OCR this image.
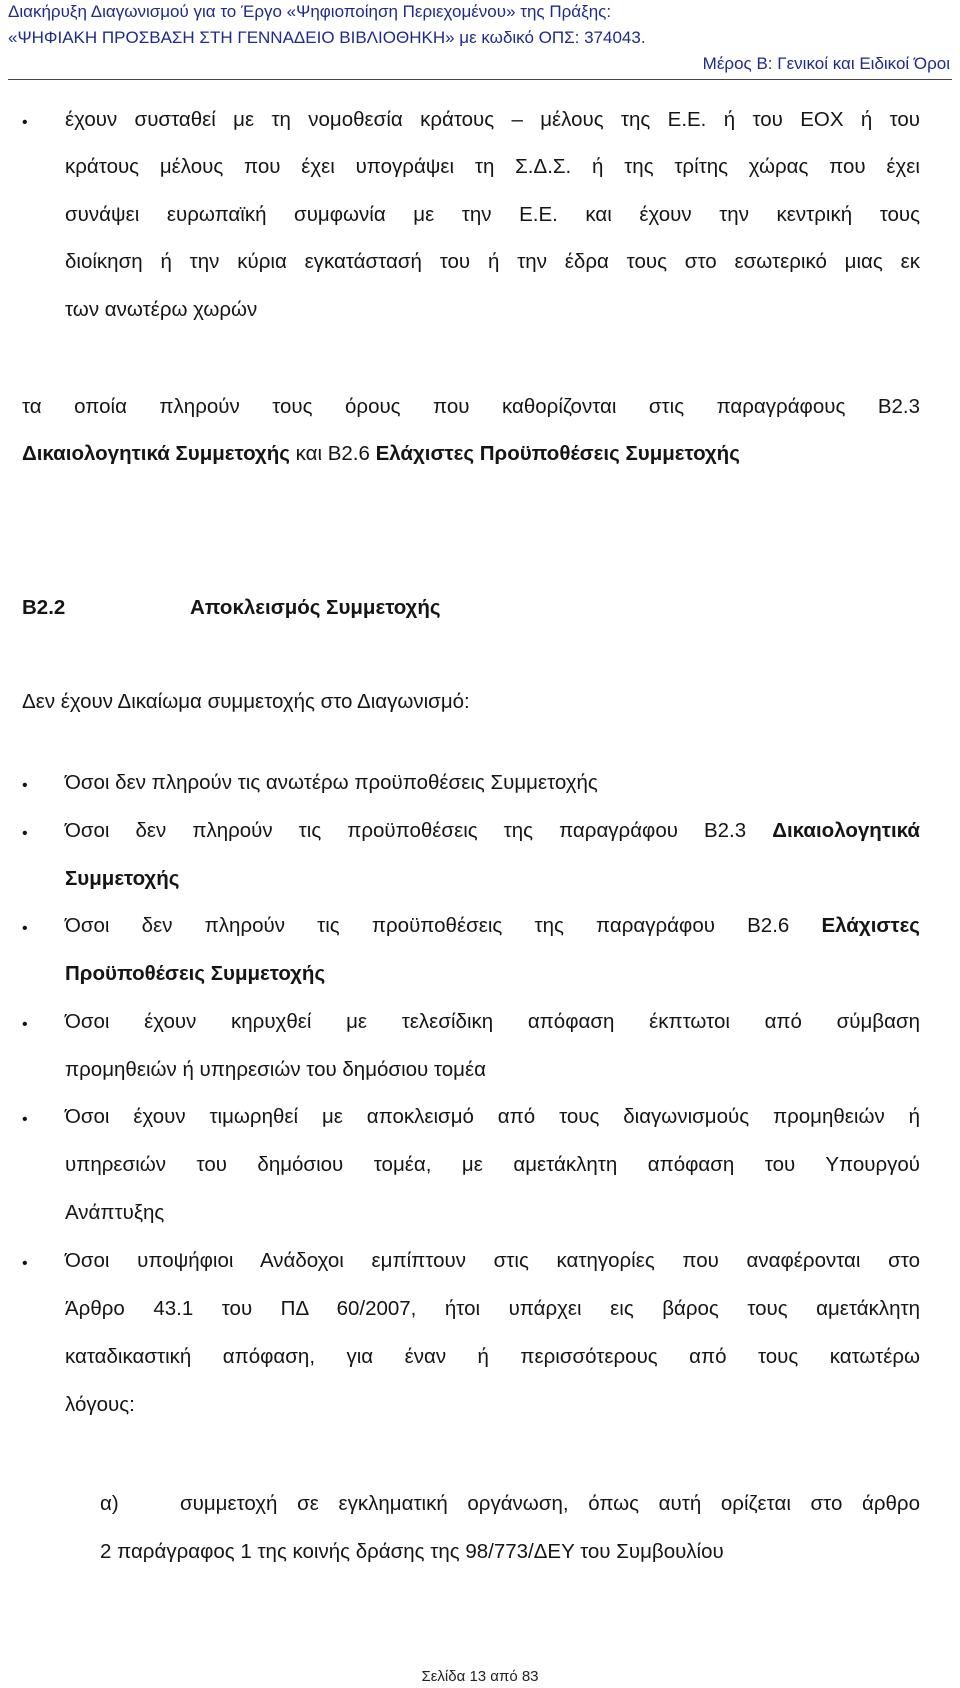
Διακήρυξη Διαγωνισμού για το Έργο «Ψηφιοποίηση Περιεχομένου» της Πράξης:
«ΨΗΦΙΑΚΗ ΠΡΟΣΒΑΣΗ ΣΤΗ ΓΕΝΝΑΔΕΙΟ ΒΙΒΛΙΟΘΗΚΗ» με κωδικό ΟΠΣ: 374043.
Μέρος Β: Γενικοί και Ειδικοί Όροι
• έχουν συσταθεί με τη νομοθεσία κράτους – μέλους της Ε.Ε. ή του ΕΟΧ ή του
κράτους μέλους που έχει υπογράψει τη Σ.Δ.Σ. ή της τρίτης χώρας που έχει
συνάψει ευρωπαϊκή συμφωνία με την Ε.Ε. και έχουν την κεντρική τους
διοίκηση ή την κύρια εγκατάστασή του ή την έδρα τους στο εσωτερικό μιας εκ
των ανωτέρω χωρών
τα οποία πληρούν τους όρους που καθορίζονται στις παραγράφους Β2.3
Δικαιολογητικά Συμμετοχής και Β2.6 Ελάχιστες Προϋποθέσεις Συμμετοχής
Β2.2	Αποκλεισμός Συμμετοχής
Δεν έχουν Δικαίωμα συμμετοχής στο Διαγωνισμό:
• Όσοι δεν πληρούν τις ανωτέρω προϋποθέσεις Συμμετοχής
• Όσοι δεν πληρούν τις προϋποθέσεις της παραγράφου Β2.3 Δικαιολογητικά
Συμμετοχής
• Όσοι δεν πληρούν τις προϋποθέσεις της παραγράφου Β2.6 Ελάχιστες
Προϋποθέσεις Συμμετοχής
• Όσοι έχουν κηρυχθεί με τελεσίδικη απόφαση έκπτωτοι από σύμβαση
προμηθειών ή υπηρεσιών του δημόσιου τομέα
• Όσοι έχουν τιμωρηθεί με αποκλεισμό από τους διαγωνισμούς προμηθειών ή
υπηρεσιών του δημόσιου τομέα, με αμετάκλητη απόφαση του Υπουργού
Ανάπτυξης
• Όσοι υποψήφιοι Ανάδοχοι εμπίπτουν στις κατηγορίες που αναφέρονται στο
Άρθρο 43.1 του ΠΔ 60/2007, ήτοι υπάρχει εις βάρος τους αμετάκλητη
καταδικαστική απόφαση, για έναν ή περισσότερους από τους κατωτέρω
λόγους:
α)	συμμετοχή σε εγκληματική οργάνωση, όπως αυτή ορίζεται στο άρθρο
2 παράγραφος 1 της κοινής δράσης της 98/773/ΔΕΥ του Συμβουλίου
Σελίδα 13 από 83
